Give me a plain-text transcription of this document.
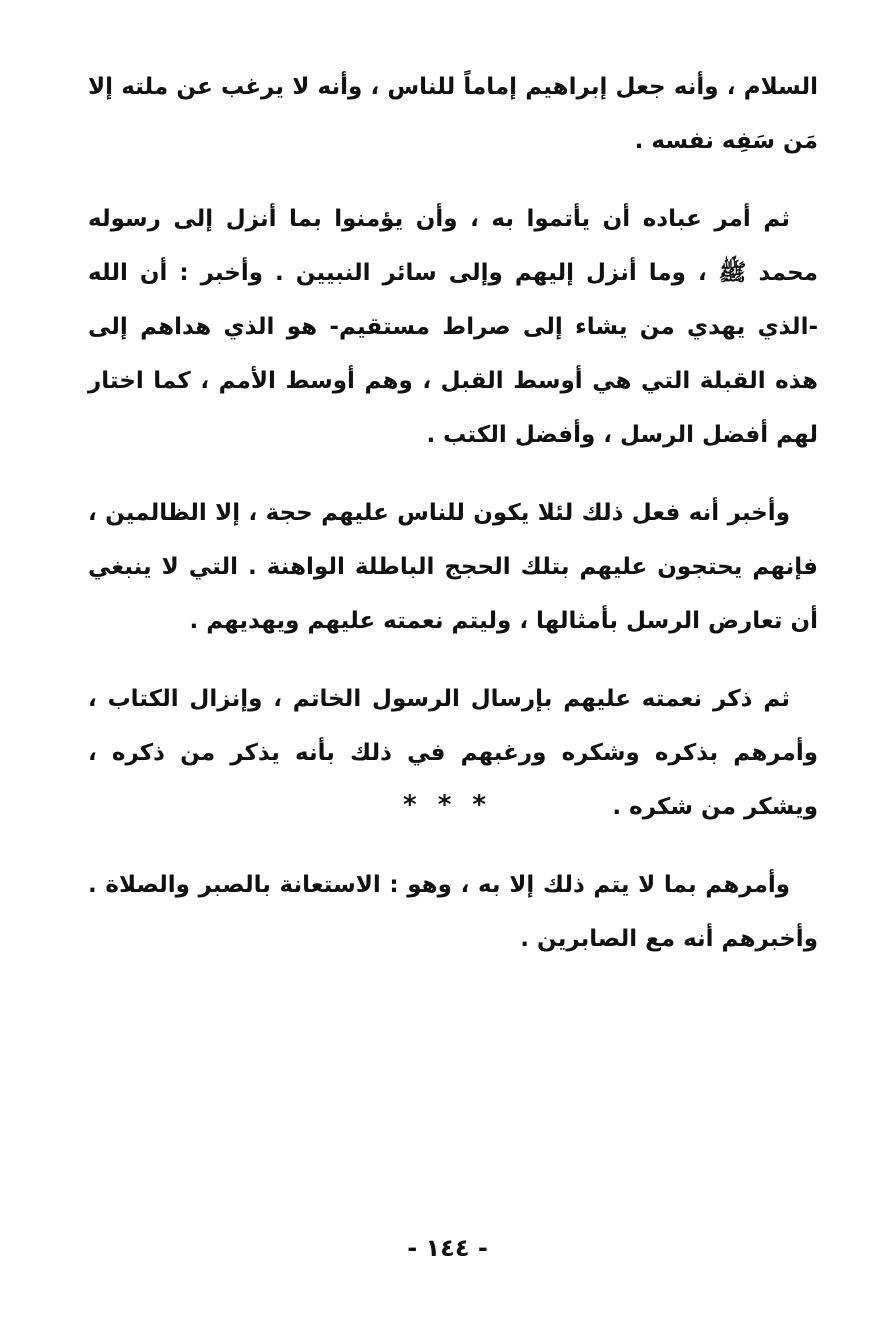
السلام ، وأنه جعل إبراهيم إماماً للناس ، وأنه لا يرغب عن ملته إلا مَن سَفِه نفسه .

ثم أمر عباده أن يأتموا به ، وأن يؤمنوا بما أنزل إلى رسوله محمد ﷺ ، وما أنزل إليهم وإلى سائر النبيين . وأخبر : أن الله -الذي يهدي من يشاء إلى صراط مستقيم- هو الذي هداهم إلى هذه القبلة التي هي أوسط القبل ، وهم أوسط الأمم ، كما اختار لهم أفضل الرسل ، وأفضل الكتب .

وأخبر أنه فعل ذلك لئلا يكون للناس عليهم حجة ، إلا الظالمين ، فإنهم يحتجون عليهم بتلك الحجج الباطلة الواهنة . التي لا ينبغي أن تعارض الرسل بأمثالها ، وليتم نعمته عليهم ويهديهم .

ثم ذكر نعمته عليهم بإرسال الرسول الخاتم ، وإنزال الكتاب ، وأمرهم بذكره وشكره ورغبهم في ذلك بأنه يذكر من ذكره ، ويشكر من شكره .

وأمرهم بما لا يتم ذلك إلا به ، وهو : الاستعانة بالصبر والصلاة . وأخبرهم أنه مع الصابرين .

* * *
- ١٤٤ -
